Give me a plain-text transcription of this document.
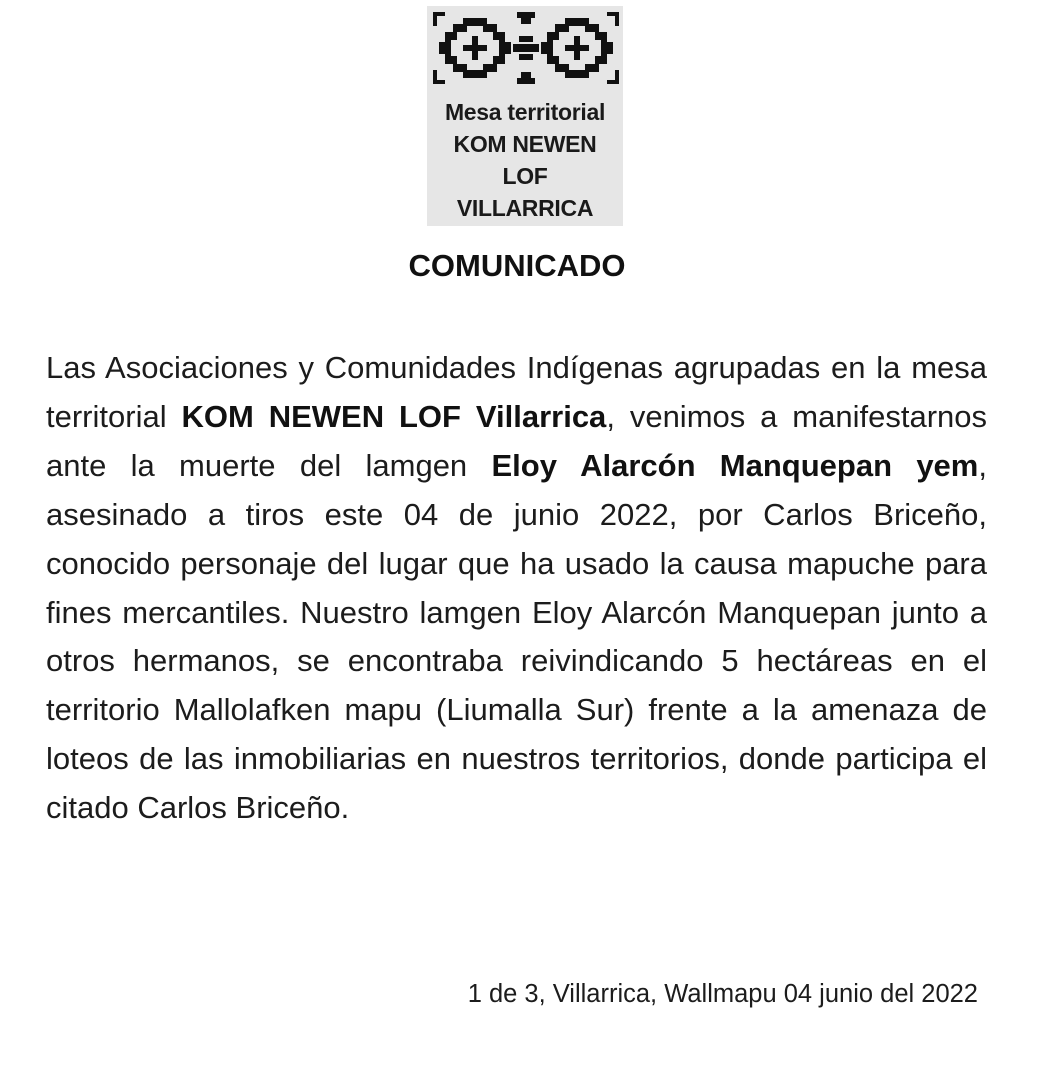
Mesa territorial
KOM NEWEN
LOF
VILLARRICA
COMUNICADO
Las Asociaciones y Comunidades Indígenas agrupadas en la mesa territorial KOM NEWEN LOF Villarrica, venimos a manifestarnos ante la muerte del lamgen Eloy Alarcón Manquepan yem, asesinado a tiros este 04 de junio 2022, por Carlos Briceño, conocido personaje del lugar que ha usado la causa mapuche para fines mercantiles. Nuestro lamgen Eloy Alarcón Manquepan junto a otros hermanos, se encontraba reivindicando 5 hectáreas en el territorio Mallolafken mapu (Liumalla Sur) frente a la amenaza de loteos de las inmobiliarias en nuestros territorios, donde participa el citado Carlos Briceño.
1 de 3, Villarrica, Wallmapu 04 junio del 2022
